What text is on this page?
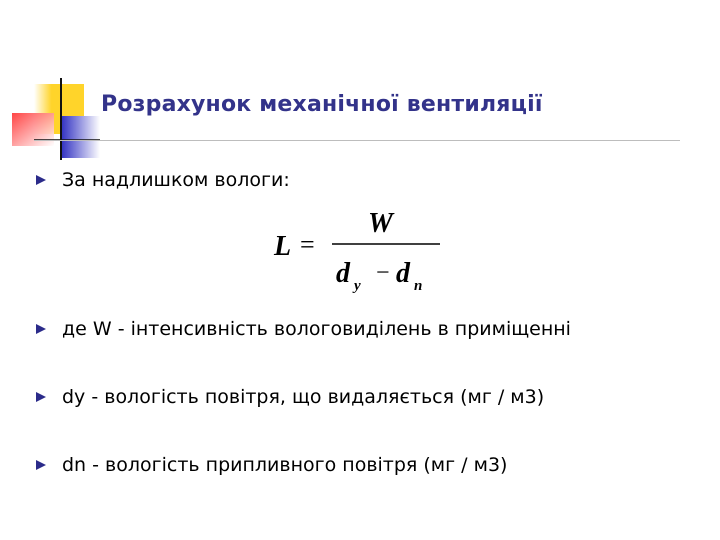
Розрахунок механічної вентиляції
За надлишком вологи:
L =
W
d у − d п
де W - інтенсивність вологовиділень в приміщенні
dy - вологість повітря, що видаляється (мг / м3)
dn - вологість припливного повітря (мг / м3)
